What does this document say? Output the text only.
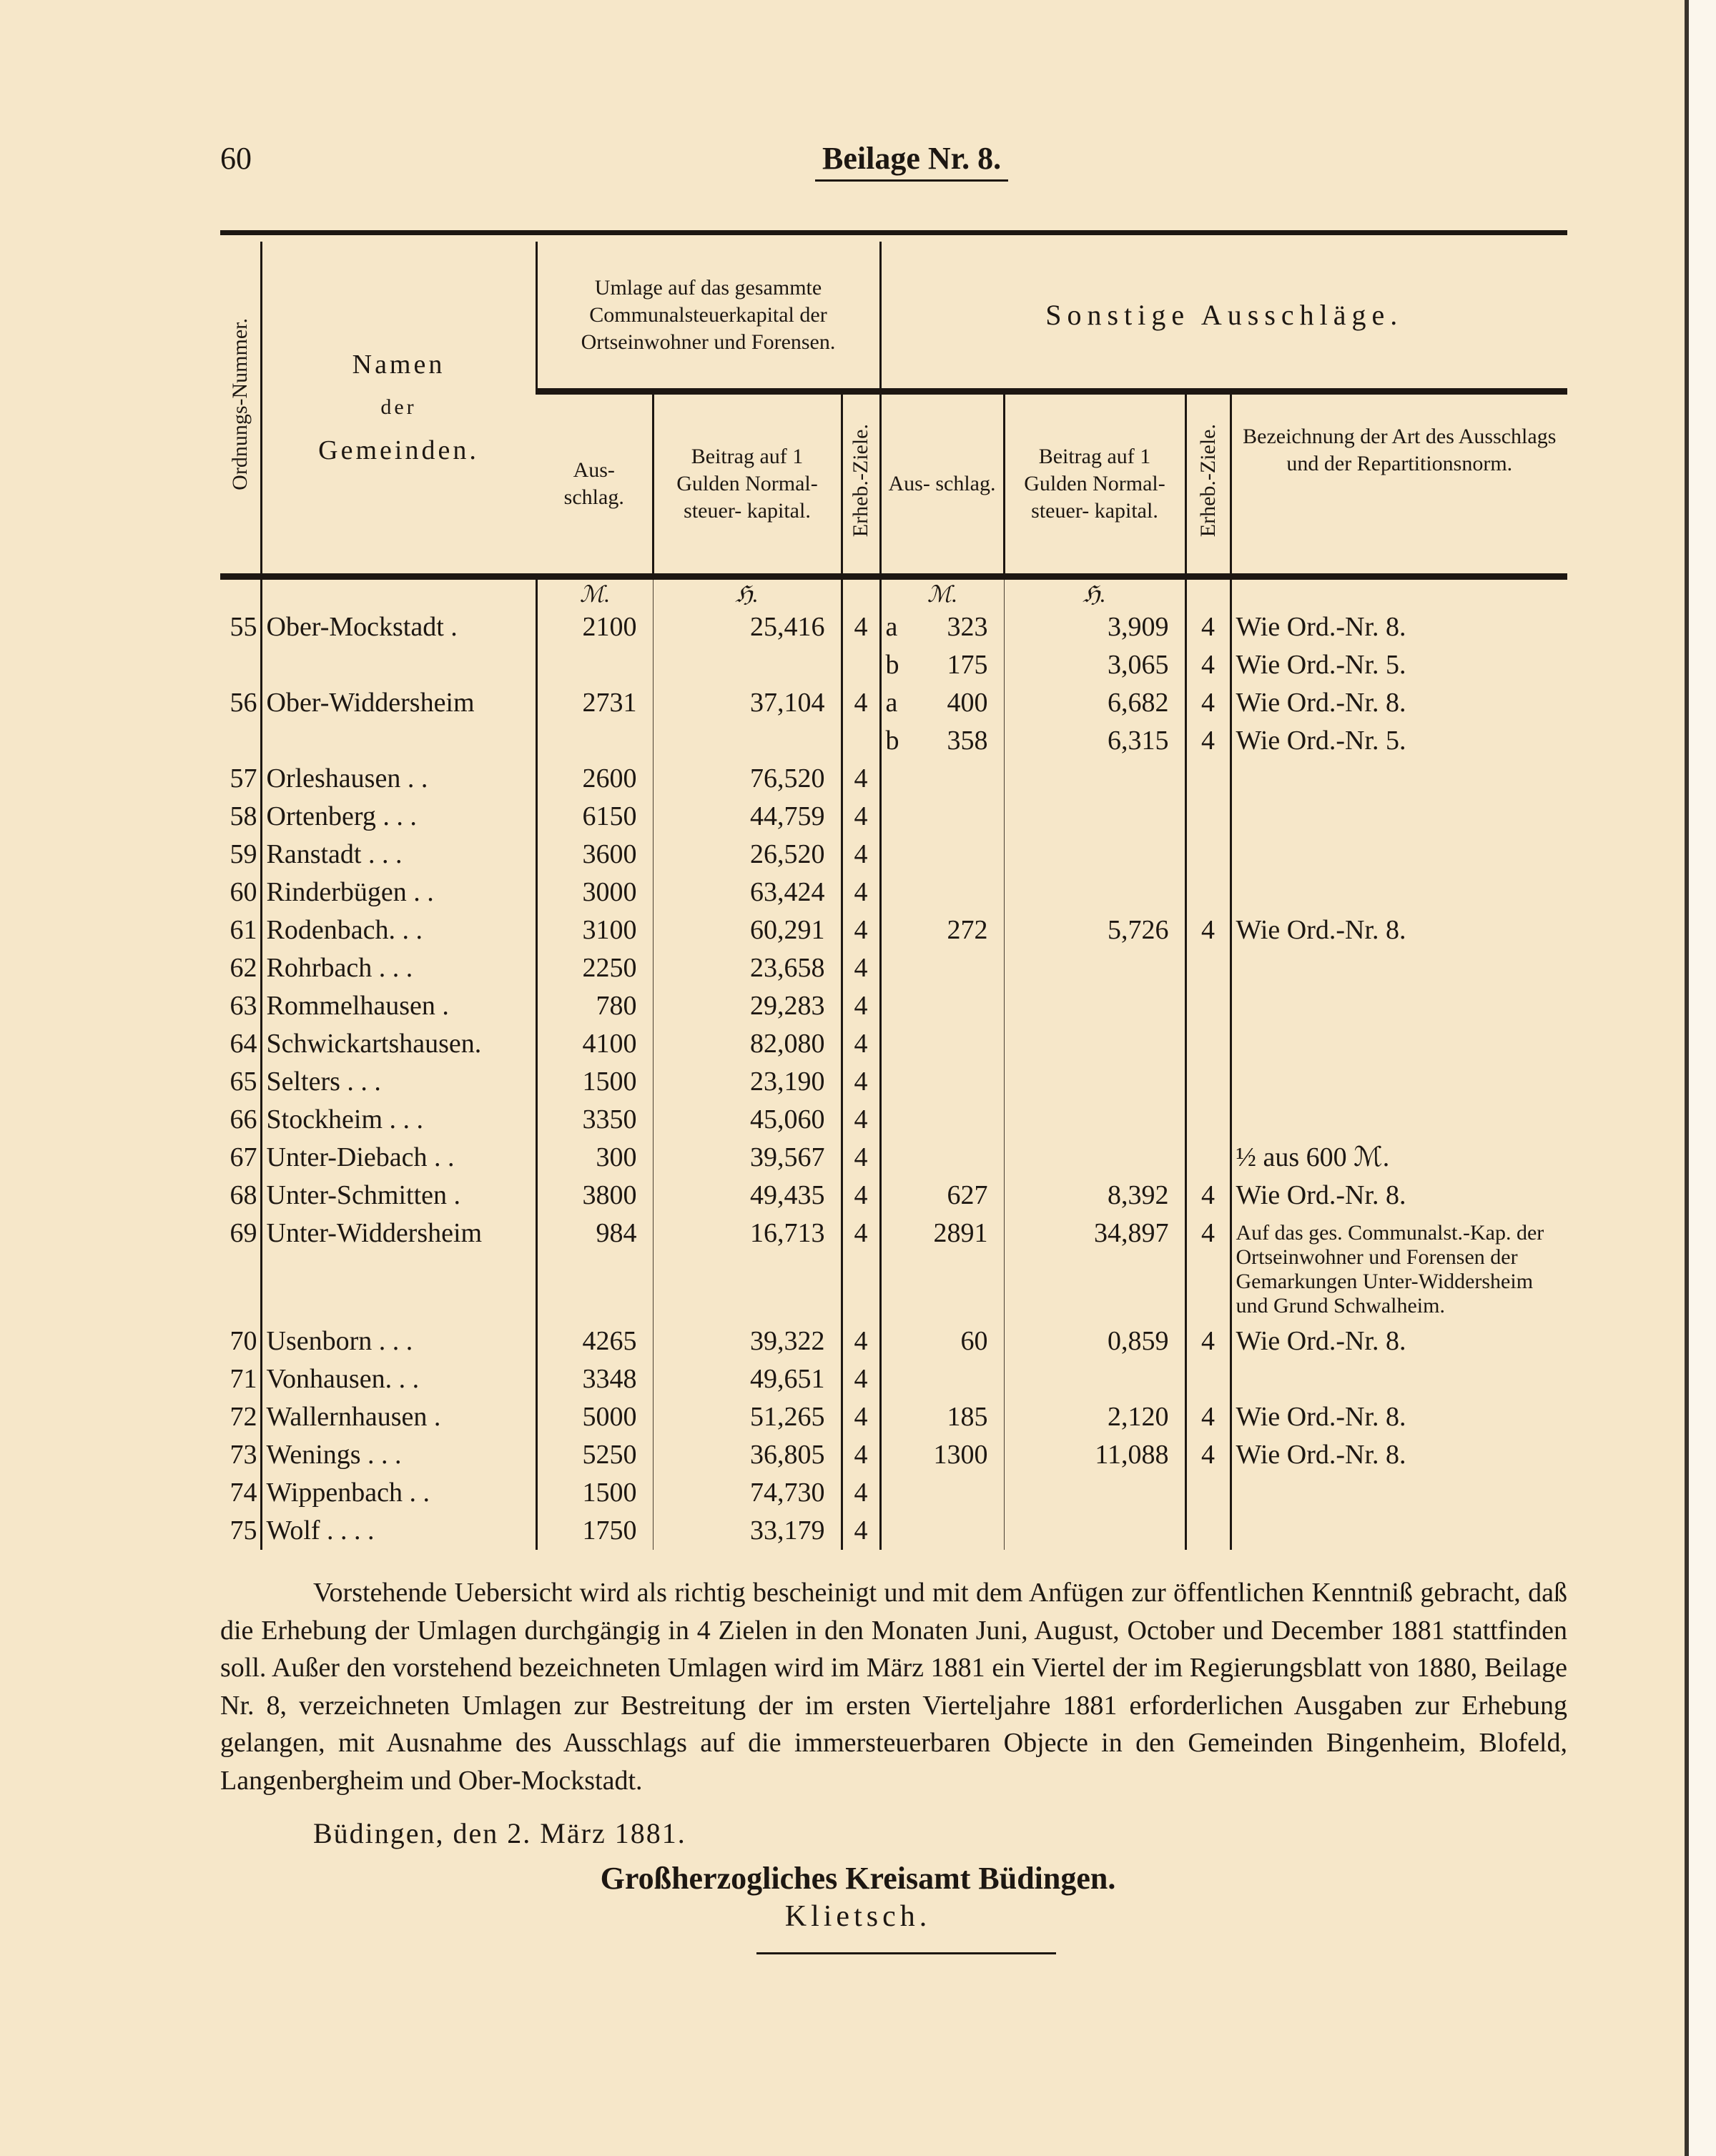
60	Beilage Nr. 8.
Ordnungs-Nummer.	Namen
der
Gemeinden.	Umlage auf das gesammte Communalsteuerkapital der Ortseinwohner und Forensen.			Sonstige Ausschläge.			
		Aus- schlag.	Beitrag auf 1 Gulden Normal- steuer- kapital.	Erheb.-Ziele.	Aus- schlag.	Beitrag auf 1 Gulden Normal- steuer- kapital.	Erheb.-Ziele.	Bezeichnung der Art des Ausschlags und der Repartitionsnorm.
		ℳ.	ℌ.		ℳ.	ℌ.		
55	Ober-Mockstadt .	2100	25,416	4	a 323	3,909	4	Wie Ord.-Nr. 8.

					b 175	3,065	4	Wie Ord.-Nr. 5.
56	Ober-Widdersheim	2731	37,104	4	a 400	6,682	4	Wie Ord.-Nr. 8.

					b 358	6,315	4	Wie Ord.-Nr. 5.
57	Orleshausen . .	2600	76,520	4				
58	Ortenberg . . .	6150	44,759	4				
59	Ranstadt . . .	3600	26,520	4				
60	Rinderbügen . .	3000	63,424	4				
61	Rodenbach. . .	3100	60,291	4	272	5,726	4	Wie Ord.-Nr. 8.
62	Rohrbach . . .	2250	23,658	4				
63	Rommelhausen .	780	29,283	4				
64	Schwickartshausen.	4100	82,080	4				
65	Selters . . .	1500	23,190	4				
66	Stockheim . . .	3350	45,060	4				
67	Unter-Diebach . .	300	39,567	4				½ aus 600 ℳ.
68	Unter-Schmitten .	3800	49,435	4	627	8,392	4	Wie Ord.-Nr. 8.
69	Unter-Widdersheim	984	16,713	4	2891	34,897	4	Auf das ges. Communalst.-Kap. der Ortseinwohner und Forensen der Gemarkungen Unter-Widdersheim und Grund Schwalheim.
70	Usenborn . . .	4265	39,322	4	60	0,859	4	Wie Ord.-Nr. 8.
71	Vonhausen. . .	3348	49,651	4				
72	Wallernhausen .	5000	51,265	4	185	2,120	4	Wie Ord.-Nr. 8.
73	Wenings . . .	5250	36,805	4	1300	11,088	4	Wie Ord.-Nr. 8.
74	Wippenbach . .	1500	74,730	4				
75	Wolf . . . .	1750	33,179	4				
Vorstehende Uebersicht wird als richtig bescheinigt und mit dem Anfügen zur öffentlichen Kenntniß gebracht, daß die Erhebung der Umlagen durchgängig in 4 Zielen in den Monaten Juni, August, October und December 1881 stattfinden soll. Außer den vorstehend bezeichneten Umlagen wird im März 1881 ein Viertel der im Regierungsblatt von 1880, Beilage Nr. 8, verzeichneten Umlagen zur Bestreitung der im ersten Vierteljahre 1881 erforderlichen Ausgaben zur Erhebung gelangen, mit Ausnahme des Ausschlags auf die immersteuerbaren Objecte in den Gemeinden Bingenheim, Blofeld, Langenbergheim und Ober-Mockstadt.
Büdingen, den 2. März 1881.
Großherzogliches Kreisamt Büdingen.
Klietsch.
